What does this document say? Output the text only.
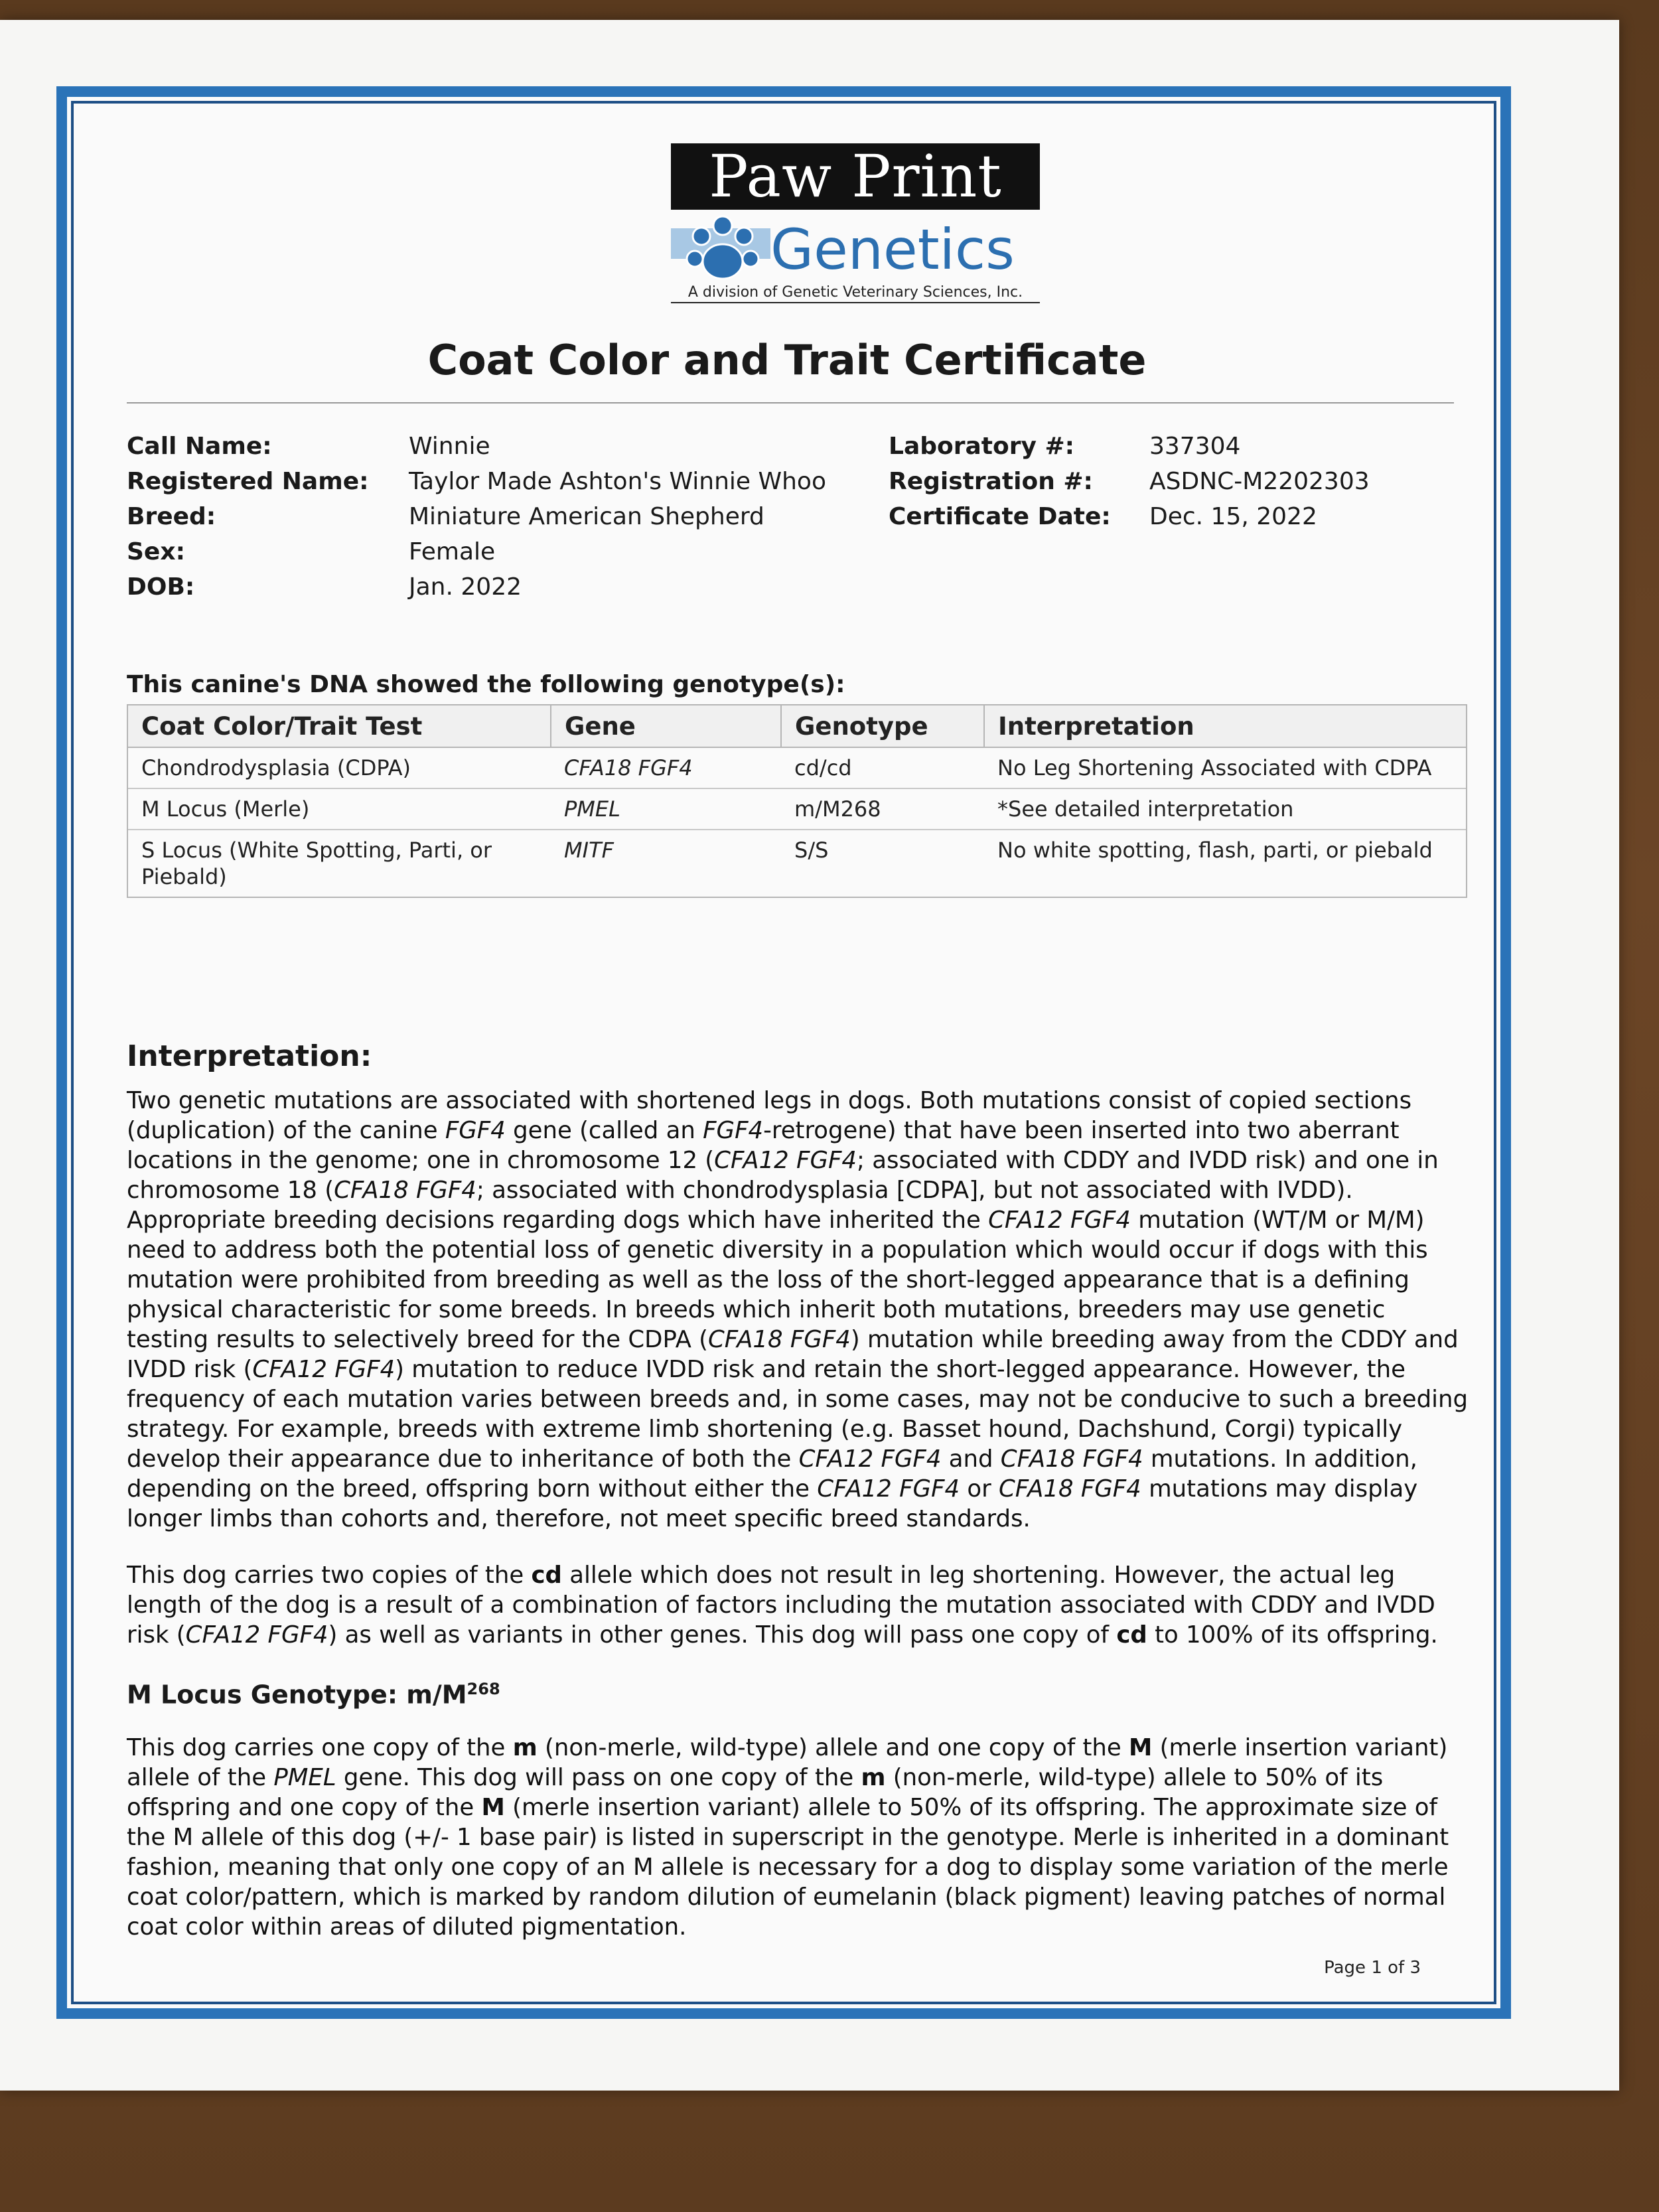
Paw Print
Genetics
A division of Genetic Veterinary Sciences, Inc.
Coat Color and Trait Certificate
Call Name:	Winnie
Registered Name:	Taylor Made Ashton's Winnie Whoo
Breed:	Miniature American Shepherd
Sex:	Female
DOB:	Jan. 2022
Laboratory #:	337304
Registration #:	ASDNC-M2202303
Certificate Date:	Dec. 15, 2022
This canine's DNA showed the following genotype(s):
Coat Color/Trait Test	Gene	Genotype	Interpretation
Chondrodysplasia (CDPA)	CFA18 FGF4	cd/cd	No Leg Shortening Associated with CDPA
M Locus (Merle)	PMEL	m/M268	*See detailed interpretation
S Locus (White Spotting, Parti, or Piebald)	MITF	S/S	No white spotting, flash, parti, or piebald
Interpretation:

Two genetic mutations are associated with shortened legs in dogs. Both mutations consist of copied sections (duplication) of the canine FGF4 gene (called an FGF4-retrogene) that have been inserted into two aberrant locations in the genome; one in chromosome 12 (CFA12 FGF4; associated with CDDY and IVDD risk) and one in chromosome 18 (CFA18 FGF4; associated with chondrodysplasia [CDPA], but not associated with IVDD). Appropriate breeding decisions regarding dogs which have inherited the CFA12 FGF4 mutation (WT/M or M/M) need to address both the potential loss of genetic diversity in a population which would occur if dogs with this mutation were prohibited from breeding as well as the loss of the short-legged appearance that is a defining physical characteristic for some breeds. In breeds which inherit both mutations, breeders may use genetic testing results to selectively breed for the CDPA (CFA18 FGF4) mutation while breeding away from the CDDY and IVDD risk (CFA12 FGF4) mutation to reduce IVDD risk and retain the short-legged appearance. However, the frequency of each mutation varies between breeds and, in some cases, may not be conducive to such a breeding strategy. For example, breeds with extreme limb shortening (e.g. Basset hound, Dachshund, Corgi) typically develop their appearance due to inheritance of both the CFA12 FGF4 and CFA18 FGF4 mutations. In addition, depending on the breed, offspring born without either the CFA12 FGF4 or CFA18 FGF4 mutations may display longer limbs than cohorts and, therefore, not meet specific breed standards.

This dog carries two copies of the cd allele which does not result in leg shortening. However, the actual leg length of the dog is a result of a combination of factors including the mutation associated with CDDY and IVDD risk (CFA12 FGF4) as well as variants in other genes. This dog will pass one copy of cd to 100% of its offspring.

M Locus Genotype: $m/M^{268}$

This dog carries one copy of the m (non-merle, wild-type) allele and one copy of the M (merle insertion variant) allele of the PMEL gene. This dog will pass on one copy of the m (non-merle, wild-type) allele to 50% of its offspring and one copy of the M (merle insertion variant) allele to 50% of its offspring. The approximate size of the M allele of this dog (+/- 1 base pair) is listed in superscript in the genotype. Merle is inherited in a dominant fashion, meaning that only one copy of an M allele is necessary for a dog to display some variation of the merle coat color/pattern, which is marked by random dilution of eumelanin (black pigment) leaving patches of normal coat color within areas of diluted pigmentation.

Page 1 of 3
